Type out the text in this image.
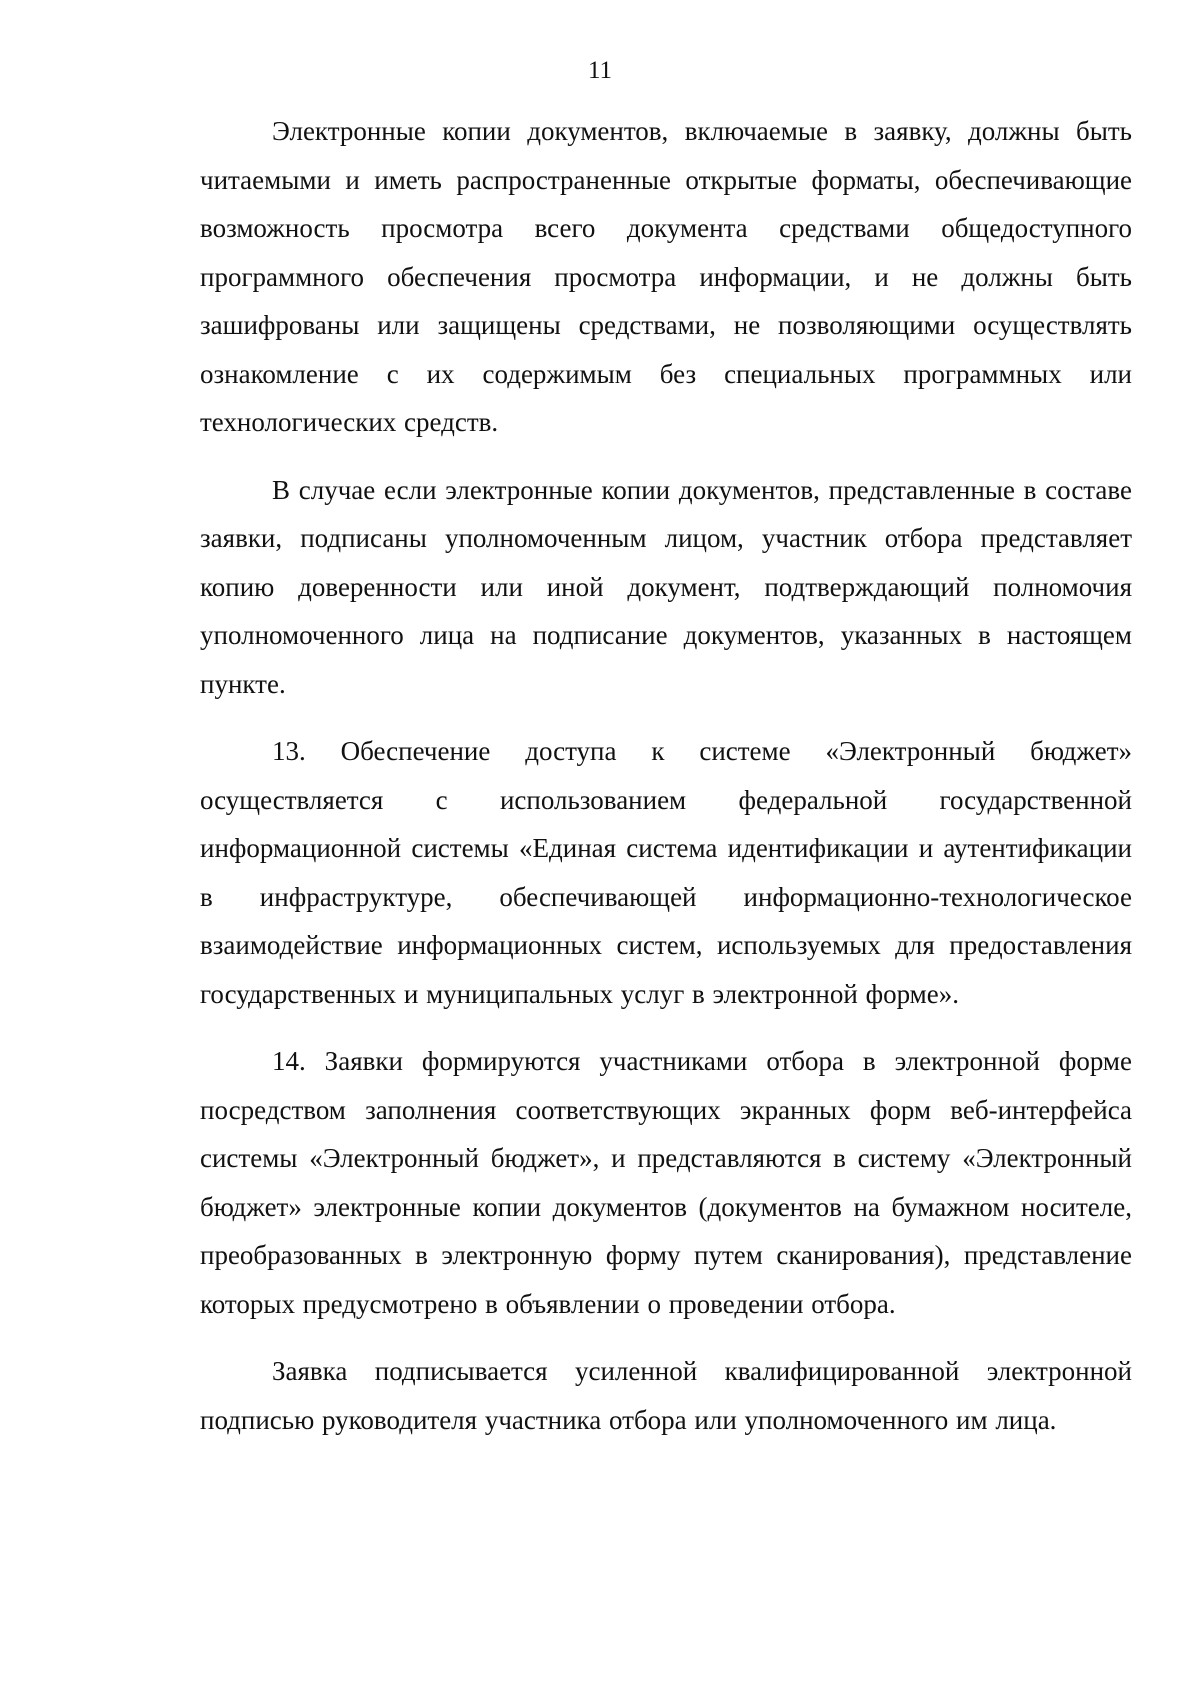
11

Электронные копии документов, включаемые в заявку, должны быть читаемыми и иметь распространенные открытые форматы, обеспечивающие возможность просмотра всего документа средствами общедоступного программного обеспечения просмотра информации, и не должны быть зашифрованы или защищены средствами, не позволяющими осуществлять ознакомление с их содержимым без специальных программных или технологических средств.

В случае если электронные копии документов, представленные в составе заявки, подписаны уполномоченным лицом, участник отбора представляет копию доверенности или иной документ, подтверждающий полномочия уполномоченного лица на подписание документов, указанных в настоящем пункте.

13. Обеспечение доступа к системе «Электронный бюджет» осуществляется с использованием федеральной государственной информационной системы «Единая система идентификации и аутентификации в инфраструктуре, обеспечивающей информационно-технологическое взаимодействие информационных систем, используемых для предоставления государственных и муниципальных услуг в электронной форме».

14. Заявки формируются участниками отбора в электронной форме посредством заполнения соответствующих экранных форм веб-интерфейса системы «Электронный бюджет», и представляются в систему «Электронный бюджет» электронные копии документов (документов на бумажном носителе, преобразованных в электронную форму путем сканирования), представление которых предусмотрено в объявлении о проведении отбора.

Заявка подписывается усиленной квалифицированной электронной подписью руководителя участника отбора или уполномоченного им лица.
